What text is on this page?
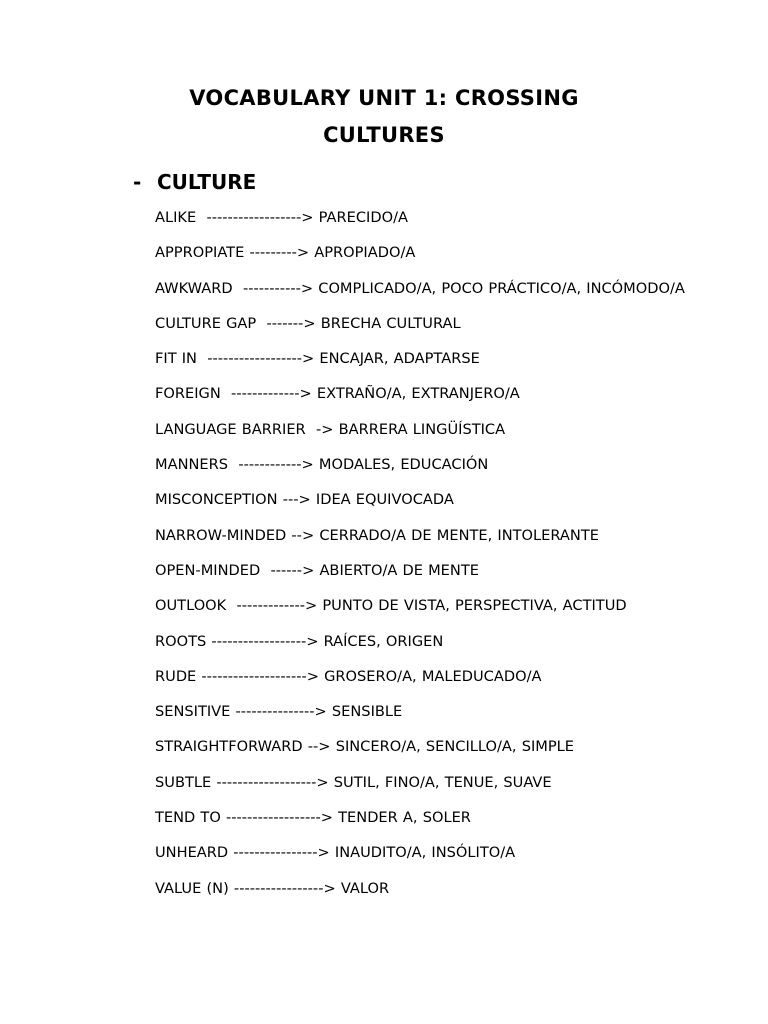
VOCABULARY UNIT 1: CROSSING
CULTURES
- CULTURE
ALIKE  ------------------> PARECIDO/A
APPROPIATE ---------> APROPIADO/A
AWKWARD  -----------> COMPLICADO/A, POCO PRÁCTICO/A, INCÓMODO/A
CULTURE GAP  -------> BRECHA CULTURAL
FIT IN  ------------------> ENCAJAR, ADAPTARSE
FOREIGN  -------------> EXTRAÑO/A, EXTRANJERO/A
LANGUAGE BARRIER  -> BARRERA LINGÜÍSTICA
MANNERS  ------------> MODALES, EDUCACIÓN
MISCONCEPTION ---> IDEA EQUIVOCADA
NARROW-MINDED --> CERRADO/A DE MENTE, INTOLERANTE
OPEN-MINDED  ------> ABIERTO/A DE MENTE
OUTLOOK  -------------> PUNTO DE VISTA, PERSPECTIVA, ACTITUD
ROOTS ------------------> RAÍCES, ORIGEN
RUDE --------------------> GROSERO/A, MALEDUCADO/A
SENSITIVE ---------------> SENSIBLE
STRAIGHTFORWARD --> SINCERO/A, SENCILLO/A, SIMPLE
SUBTLE -------------------> SUTIL, FINO/A, TENUE, SUAVE
TEND TO ------------------> TENDER A, SOLER
UNHEARD ----------------> INAUDITO/A, INSÓLITO/A
VALUE (N) -----------------> VALOR
